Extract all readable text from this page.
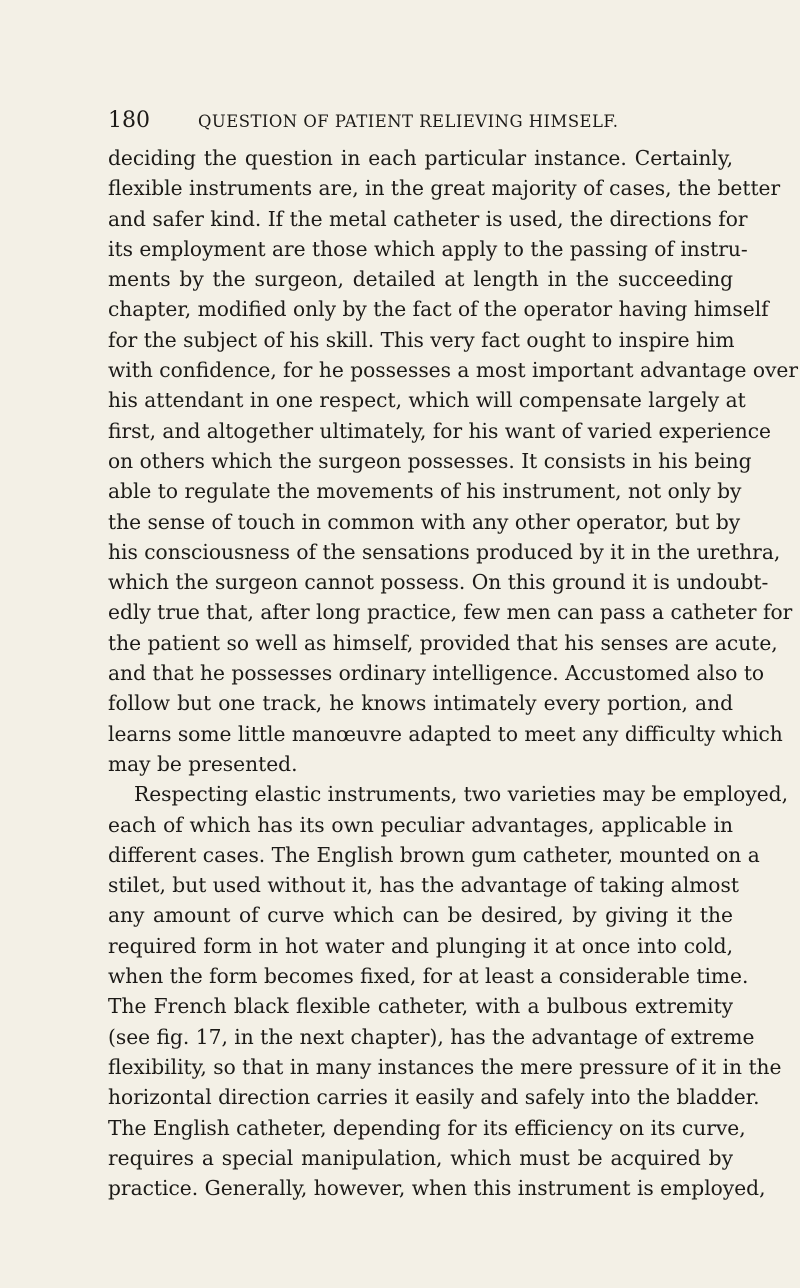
180	QUESTION OF PATIENT RELIEVING HIMSELF.
deciding the question in each particular instance. Certainly,
flexible instruments are, in the great majority of cases, the better
and safer kind. If the metal catheter is used, the directions for
its employment are those which apply to the passing of instru-
ments by the surgeon, detailed at length in the succeeding
chapter, modified only by the fact of the operator having himself
for the subject of his skill. This very fact ought to inspire him
with confidence, for he possesses a most important advantage over
his attendant in one respect, which will compensate largely at
first, and altogether ultimately, for his want of varied experience
on others which the surgeon possesses. It consists in his being
able to regulate the movements of his instrument, not only by
the sense of touch in common with any other operator, but by
his consciousness of the sensations produced by it in the urethra,
which the surgeon cannot possess. On this ground it is undoubt-
edly true that, after long practice, few men can pass a catheter for
the patient so well as himself, provided that his senses are acute,
and that he possesses ordinary intelligence. Accustomed also to
follow but one track, he knows intimately every portion, and
learns some little manœuvre adapted to meet any difficulty which
may be presented.
Respecting elastic instruments, two varieties may be employed,
each of which has its own peculiar advantages, applicable in
different cases. The English brown gum catheter, mounted on a
stilet, but used without it, has the advantage of taking almost
any amount of curve which can be desired, by giving it the
required form in hot water and plunging it at once into cold,
when the form becomes fixed, for at least a considerable time.
The French black flexible catheter, with a bulbous extremity
(see fig. 17, in the next chapter), has the advantage of extreme
flexibility, so that in many instances the mere pressure of it in the
horizontal direction carries it easily and safely into the bladder.
The English catheter, depending for its efficiency on its curve,
requires a special manipulation, which must be acquired by
practice. Generally, however, when this instrument is employed,
